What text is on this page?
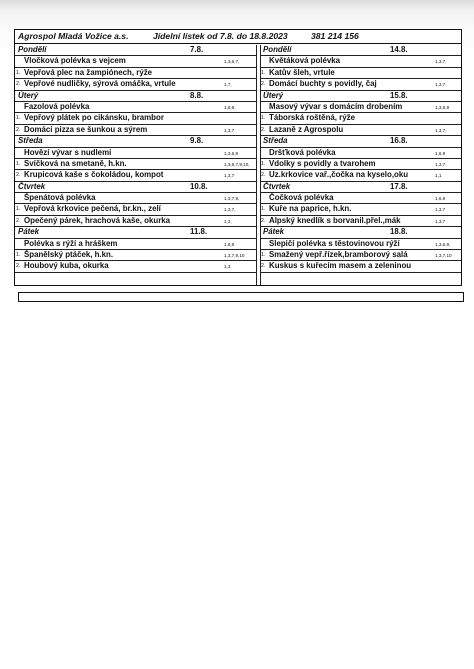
Agrospol Mladá Vožice a.s.	Jídelní lístek od 7.8. do 18.8.2023	381 214 156
Pondělí	7.8.
Vločková polévka s vejcem	1,3,6,7,
1. Vepřová plec na žampiónech, rýže
2. Vepřové nudličky, sýrová omáčka, vrtule	1,7,
Úterý	8.8.
Fazolová polévka	1,6,9,
1. Vepřový plátek po cikánsku, brambor
2. Domácí pizza se šunkou a sýrem	1,3,7
Středa	9.8.
Hovězí vývar s nudlemi	1,3,6,9
1. Svíčková na smetaně, h.kn.	1,3,6,7,9,10,
2. Krupicová kaše s čokoládou, kompot	1,3,7
Čtvrtek	10.8.
Špenátová polévka	1,3,7,9,
1. Vepřová krkovice pečená, br.kn., zelí	1,3,7,
2. Opečený párek, hrachová kaše, okurka	1,2,
Pátek	11.8.
Polévka s rýží a hráškem	1,6,9
1. Španělský ptáček, h.kn.	1,3,7,9,10
2. Houbový kuba, okurka	1,3
Pondělí	14.8.
Květáková polévka	1,3,7,
1. Katův šleh, vrtule
2. Domácí buchty s povidly, čaj	1,3,7
Úterý	15.8.
Masový vývar s domácím drobením	1,3,6,9
1. Táborská roštěná, rýže
2. Lazaně z Agrospolu	1,3,7,
Středa	16.8.
Dršťková polévka	1,6,9
1. Vdolky s povidly a tvarohem	1,3,7
2. Uz.krkovice vař.,čočka na kyselo,oku	1,1
Čtvrtek	17.8.
Čočková polévka	1,6,9
1. Kuře na paprice, h.kn.	1,3,7
2. Alpský knedlík s borvanil.přel.,mák	1,3,7
Pátek	18.8.
Slepičí polévka s těstovinovou rýží	1,3,6,9,
1. Smažený vepř.řízek,bramborový salá	1,3,7,10
2. Kuskus s kuřecím masem a zeleninou
